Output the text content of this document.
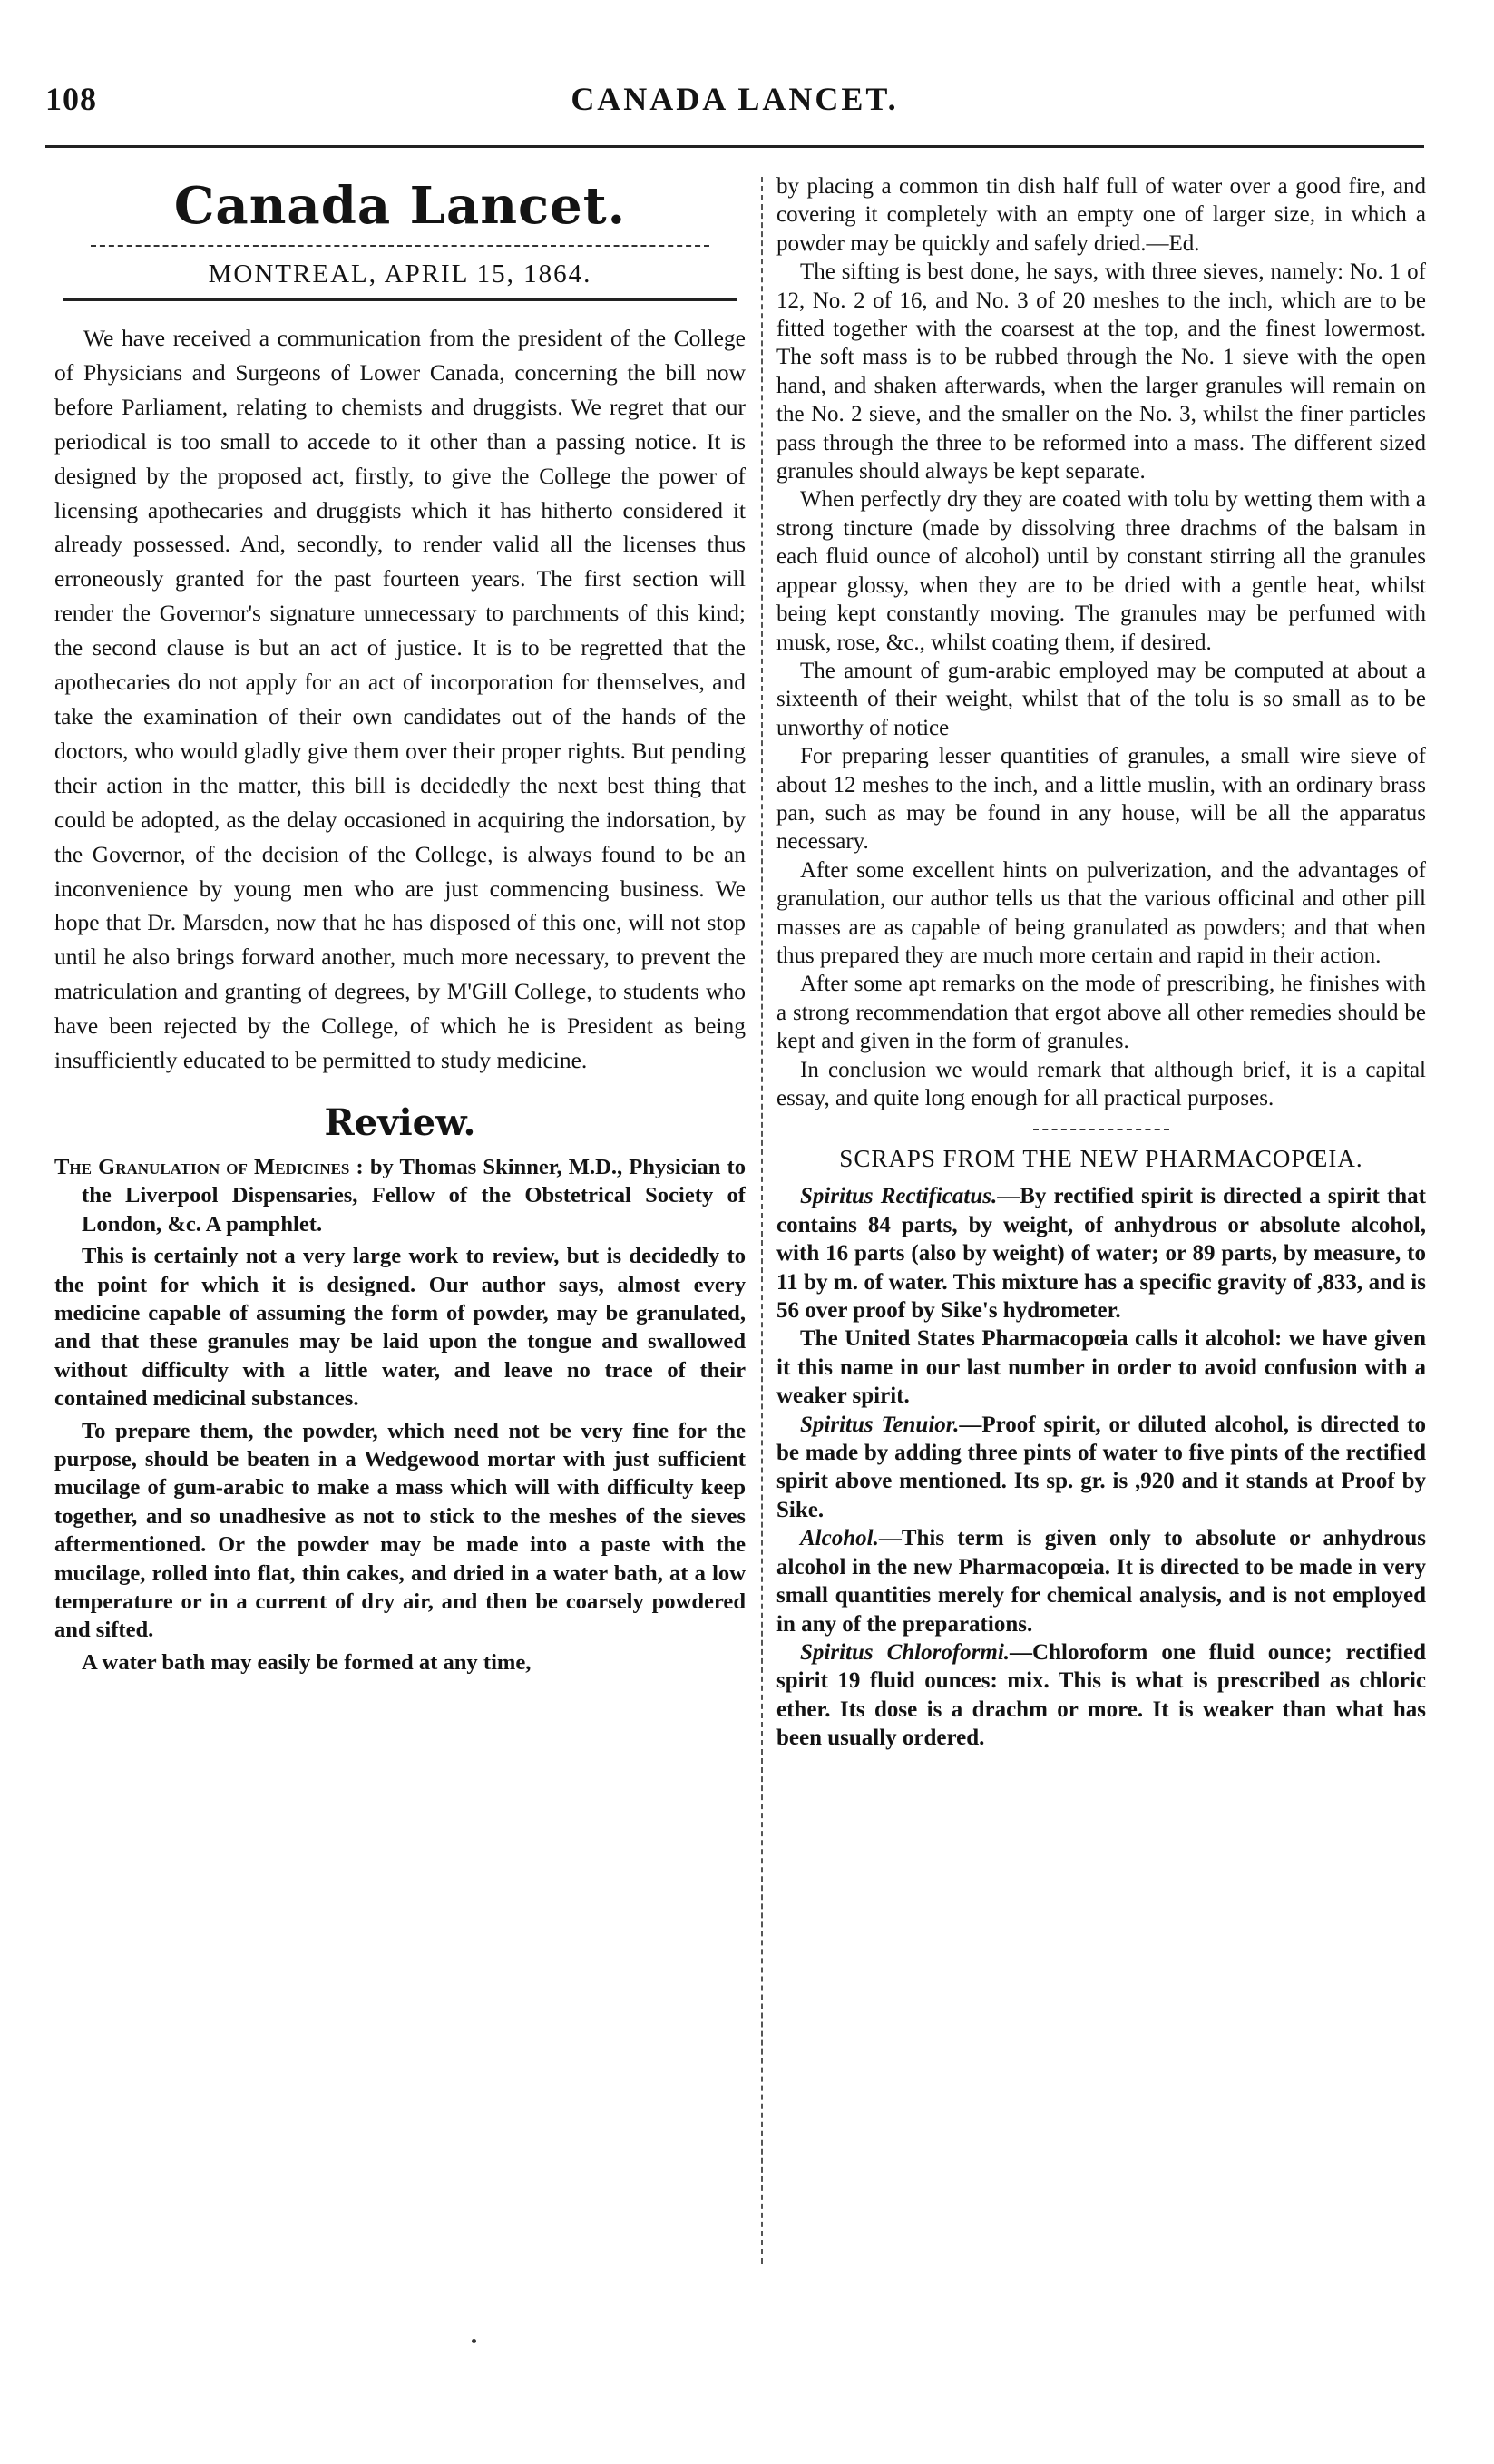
108	CANADA LANCET.
Canada Lancet.
MONTREAL, APRIL 15, 1864.

We have received a communication from the president of the College of Physicians and Surgeons of Lower Canada, concerning the bill now before Parliament, relating to chemists and druggists. We regret that our periodical is too small to accede to it other than a passing notice. It is designed by the proposed act, firstly, to give the College the power of licensing apothecaries and druggists which it has hitherto considered it already possessed. And, secondly, to render valid all the licenses thus erroneously granted for the past fourteen years. The first section will render the Governor's signature unnecessary to parchments of this kind; the second clause is but an act of justice. It is to be regretted that the apothecaries do not apply for an act of incorporation for themselves, and take the examination of their own candidates out of the hands of the doctors, who would gladly give them over their proper rights. But pending their action in the matter, this bill is decidedly the next best thing that could be adopted, as the delay occasioned in acquiring the indorsation, by the Governor, of the decision of the College, is always found to be an inconvenience by young men who are just commencing business. We hope that Dr. Marsden, now that he has disposed of this one, will not stop until he also brings forward another, much more necessary, to prevent the matriculation and granting of degrees, by M'Gill College, to students who have been rejected by the College, of which he is President as being insufficiently educated to be permitted to study medicine.

Review.

The Granulation of Medicines : by Thomas Skinner, M.D., Physician to the Liverpool Dispensaries, Fellow of the Obstetrical Society of London, &c. A pamphlet.

This is certainly not a very large work to review, but is decidedly to the point for which it is designed. Our author says, almost every medicine capable of assuming the form of powder, may be granulated, and that these granules may be laid upon the tongue and swallowed without difficulty with a little water, and leave no trace of their contained medicinal substances.

To prepare them, the powder, which need not be very fine for the purpose, should be beaten in a Wedgewood mortar with just sufficient mucilage of gum-arabic to make a mass which will with difficulty keep together, and so unadhesive as not to stick to the meshes of the sieves aftermentioned. Or the powder may be made into a paste with the mucilage, rolled into flat, thin cakes, and dried in a water bath, at a low temperature or in a current of dry air, and then be coarsely powdered and sifted.

A water bath may easily be formed at any time,

by placing a common tin dish half full of water over a good fire, and covering it completely with an empty one of larger size, in which a powder may be quickly and safely dried.—Ed.

The sifting is best done, he says, with three sieves, namely: No. 1 of 12, No. 2 of 16, and No. 3 of 20 meshes to the inch, which are to be fitted together with the coarsest at the top, and the finest lowermost. The soft mass is to be rubbed through the No. 1 sieve with the open hand, and shaken afterwards, when the larger granules will remain on the No. 2 sieve, and the smaller on the No. 3, whilst the finer particles pass through the three to be reformed into a mass. The different sized granules should always be kept separate.

When perfectly dry they are coated with tolu by wetting them with a strong tincture (made by dissolving three drachms of the balsam in each fluid ounce of alcohol) until by constant stirring all the granules appear glossy, when they are to be dried with a gentle heat, whilst being kept constantly moving. The granules may be perfumed with musk, rose, &c., whilst coating them, if desired.

The amount of gum-arabic employed may be computed at about a sixteenth of their weight, whilst that of the tolu is so small as to be unworthy of notice

For preparing lesser quantities of granules, a small wire sieve of about 12 meshes to the inch, and a little muslin, with an ordinary brass pan, such as may be found in any house, will be all the apparatus necessary.

After some excellent hints on pulverization, and the advantages of granulation, our author tells us that the various officinal and other pill masses are as capable of being granulated as powders; and that when thus prepared they are much more certain and rapid in their action.

After some apt remarks on the mode of prescribing, he finishes with a strong recommendation that ergot above all other remedies should be kept and given in the form of granules.

In conclusion we would remark that although brief, it is a capital essay, and quite long enough for all practical purposes.

SCRAPS FROM THE NEW PHARMACOPŒIA.

Spiritus Rectificatus.—By rectified spirit is directed a spirit that contains 84 parts, by weight, of anhydrous or absolute alcohol, with 16 parts (also by weight) of water; or 89 parts, by measure, to 11 by m. of water. This mixture has a specific gravity of ,833, and is 56 over proof by Sike's hydrometer.

The United States Pharmacopœia calls it alcohol: we have given it this name in our last number in order to avoid confusion with a weaker spirit.

Spiritus Tenuior.—Proof spirit, or diluted alcohol, is directed to be made by adding three pints of water to five pints of the rectified spirit above mentioned. Its sp. gr. is ,920 and it stands at Proof by Sike.

Alcohol.—This term is given only to absolute or anhydrous alcohol in the new Pharmacopœia. It is directed to be made in very small quantities merely for chemical analysis, and is not employed in any of the preparations.

Spiritus Chloroformi.—Chloroform one fluid ounce; rectified spirit 19 fluid ounces: mix. This is what is prescribed as chloric ether. Its dose is a drachm or more. It is weaker than what has been usually ordered.
